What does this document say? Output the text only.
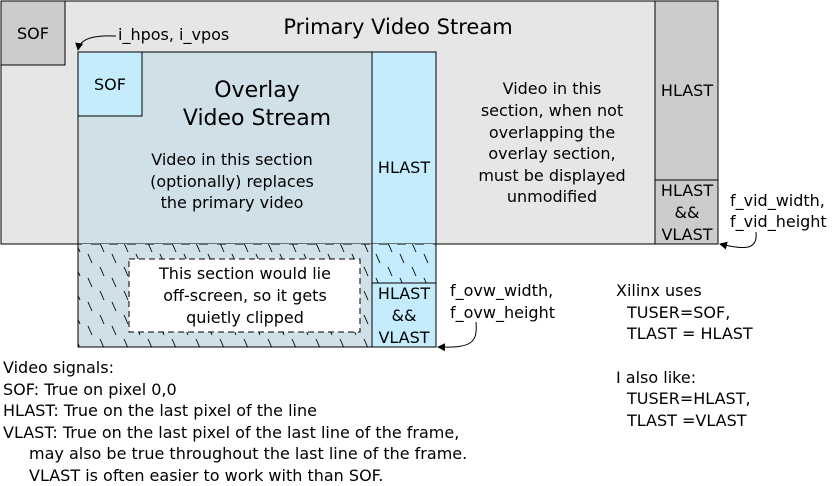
SOF
HLAST
HLAST
&&
VLAST
Primary Video Stream
Video in this
section, when not
overlapping the
overlay section,
must be displayed
unmodified
SOF	Overlay
Video Stream
Video in this section
(optionally) replaces
the primary video
HLAST
HLAST
&&
VLAST
This section would lie
off-screen, so it gets
quietly clipped
i_hpos, i_vpos
f_ovw_width,
f_ovw_height
f_vid_width,
f_vid_height
Video signals:
SOF: True on pixel 0,0
HLAST: True on the last pixel of the line
VLAST: True on the last pixel of the last line of the frame,
may also be true throughout the last line of the frame.
VLAST is often easier to work with than SOF.
Xilinx uses
TUSER=SOF,
TLAST = HLAST
I also like:
TUSER=HLAST,
TLAST =VLAST
